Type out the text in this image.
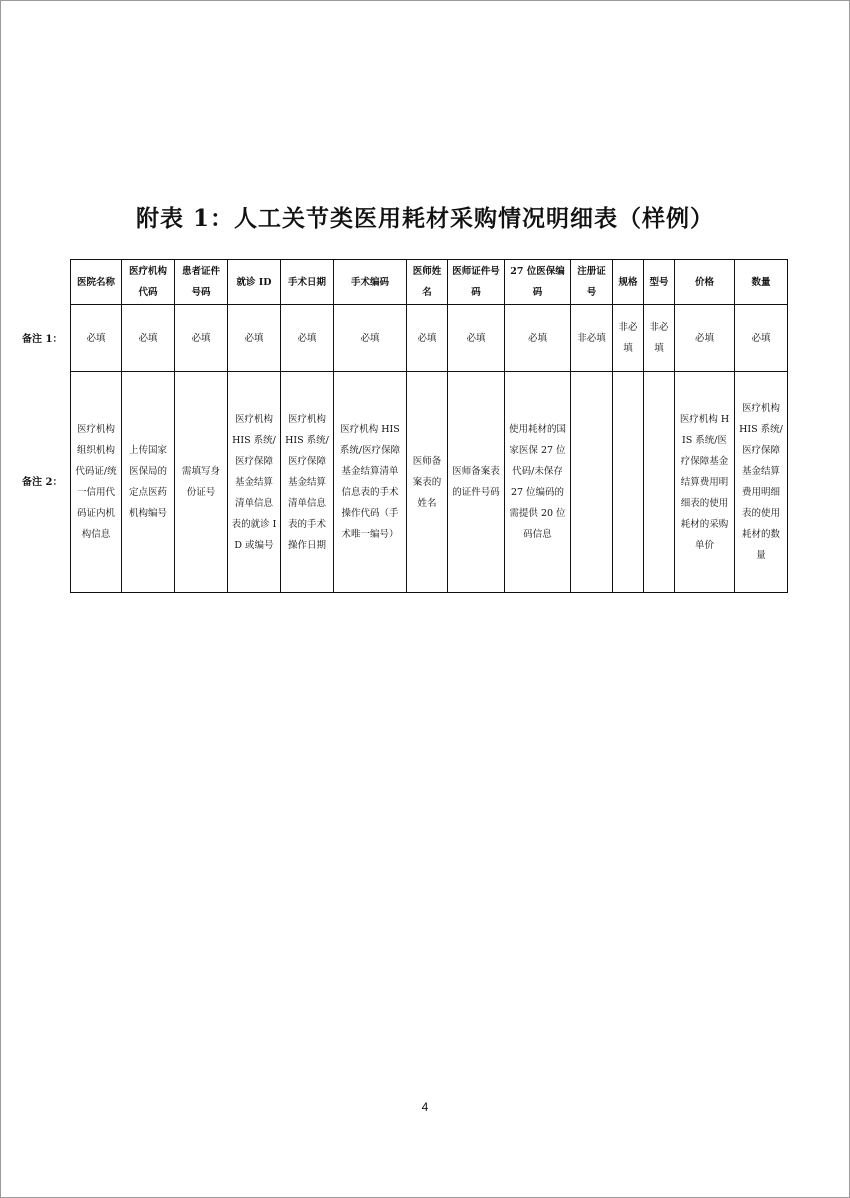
附表 1：人工关节类医用耗材采购情况明细表（样例）
备注 1：
备注 2：
医院名称	医疗机构代码	患者证件号码	就诊 ID	手术日期	手术编码	医师姓名	医师证件号码	27 位医保编码	注册证号	规格	型号	价格	数量
必填	必填	必填	必填	必填	必填	必填	必填	必填	非必填	非必填	非必填	必填	必填
医疗机构组织机构代码证/统一信用代码证内机构信息	上传国家医保局的定点医药机构编号	需填写身份证号	医疗机构 HIS 系统/医疗保障基金结算清单信息表的就诊 ID 或编号	医疗机构 HIS 系统/医疗保障基金结算清单信息表的手术操作日期	医疗机构 HIS 系统/医疗保障基金结算清单信息表的手术操作代码（手术唯一编号）	医师备案表的姓名	医师备案表的证件号码	使用耗材的国家医保 27 位代码/未保存 27 位编码的需提供 20 位码信息				医疗机构 HIS 系统/医疗保障基金结算费用明细表的使用耗材的采购单价	医疗机构 HIS 系统/医疗保障基金结算费用明细表的使用耗材的数量
4
